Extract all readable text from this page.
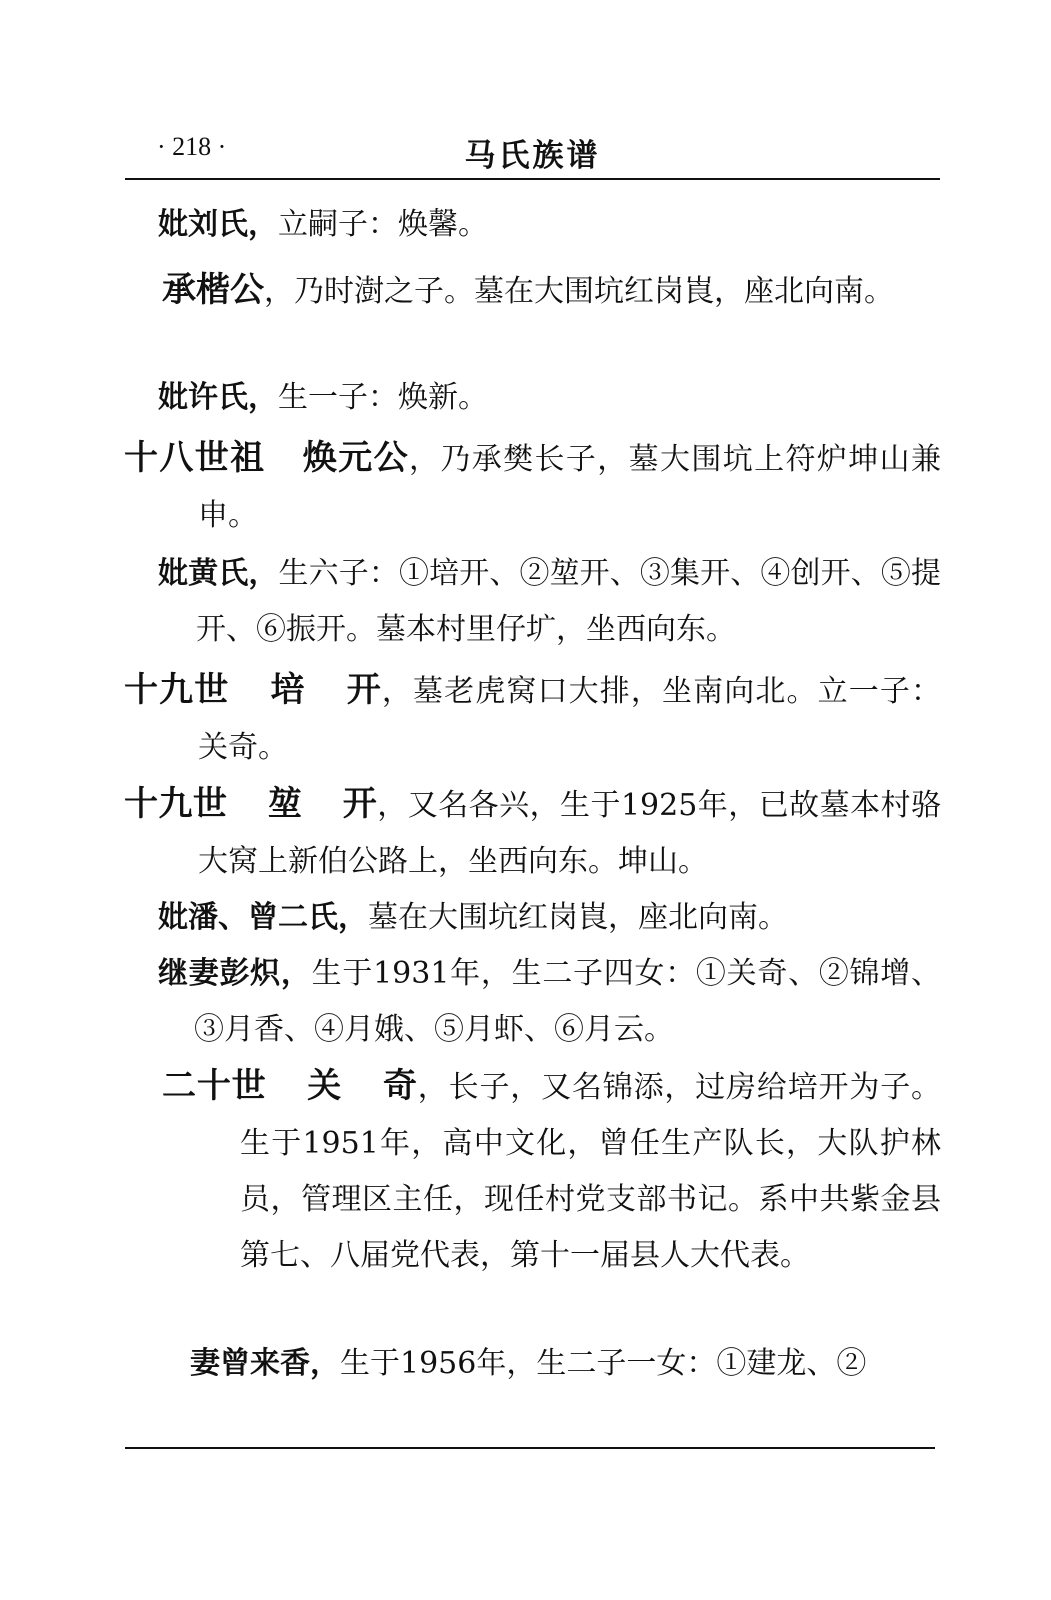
· 218 ·	马氏族谱

妣刘氏，立嗣子：焕馨。

承楷公，乃时澍之子。墓在大围坑红岗崀，座北向南。

妣许氏，生一子：焕新。

十八世祖 焕元公，乃承樊长子，墓大围坑上符炉坤山兼申。

妣黄氏，生六子：①培开、②堃开、③集开、④创开、⑤提开、⑥振开。墓本村里仔圹，坐西向东。

十九世 培 开，墓老虎窝口大排，坐南向北。立一子：关奇。

十九世 堃 开，又名各兴，生于1925年，已故墓本村骆大窝上新伯公路上，坐西向东。坤山。

妣潘、曾二氏，墓在大围坑红岗崀，座北向南。

继妻彭炽，生于1931年，生二子四女：①关奇、②锦增、③月香、④月娥、⑤月虾、⑥月云。

二十世 关 奇，长子，又名锦添，过房给培开为子。生于1951年，高中文化，曾任生产队长，大队护林员，管理区主任，现任村党支部书记。系中共紫金县第七、八届党代表，第十一届县人大代表。

妻曾来香，生于1956年，生二子一女：①建龙、②
